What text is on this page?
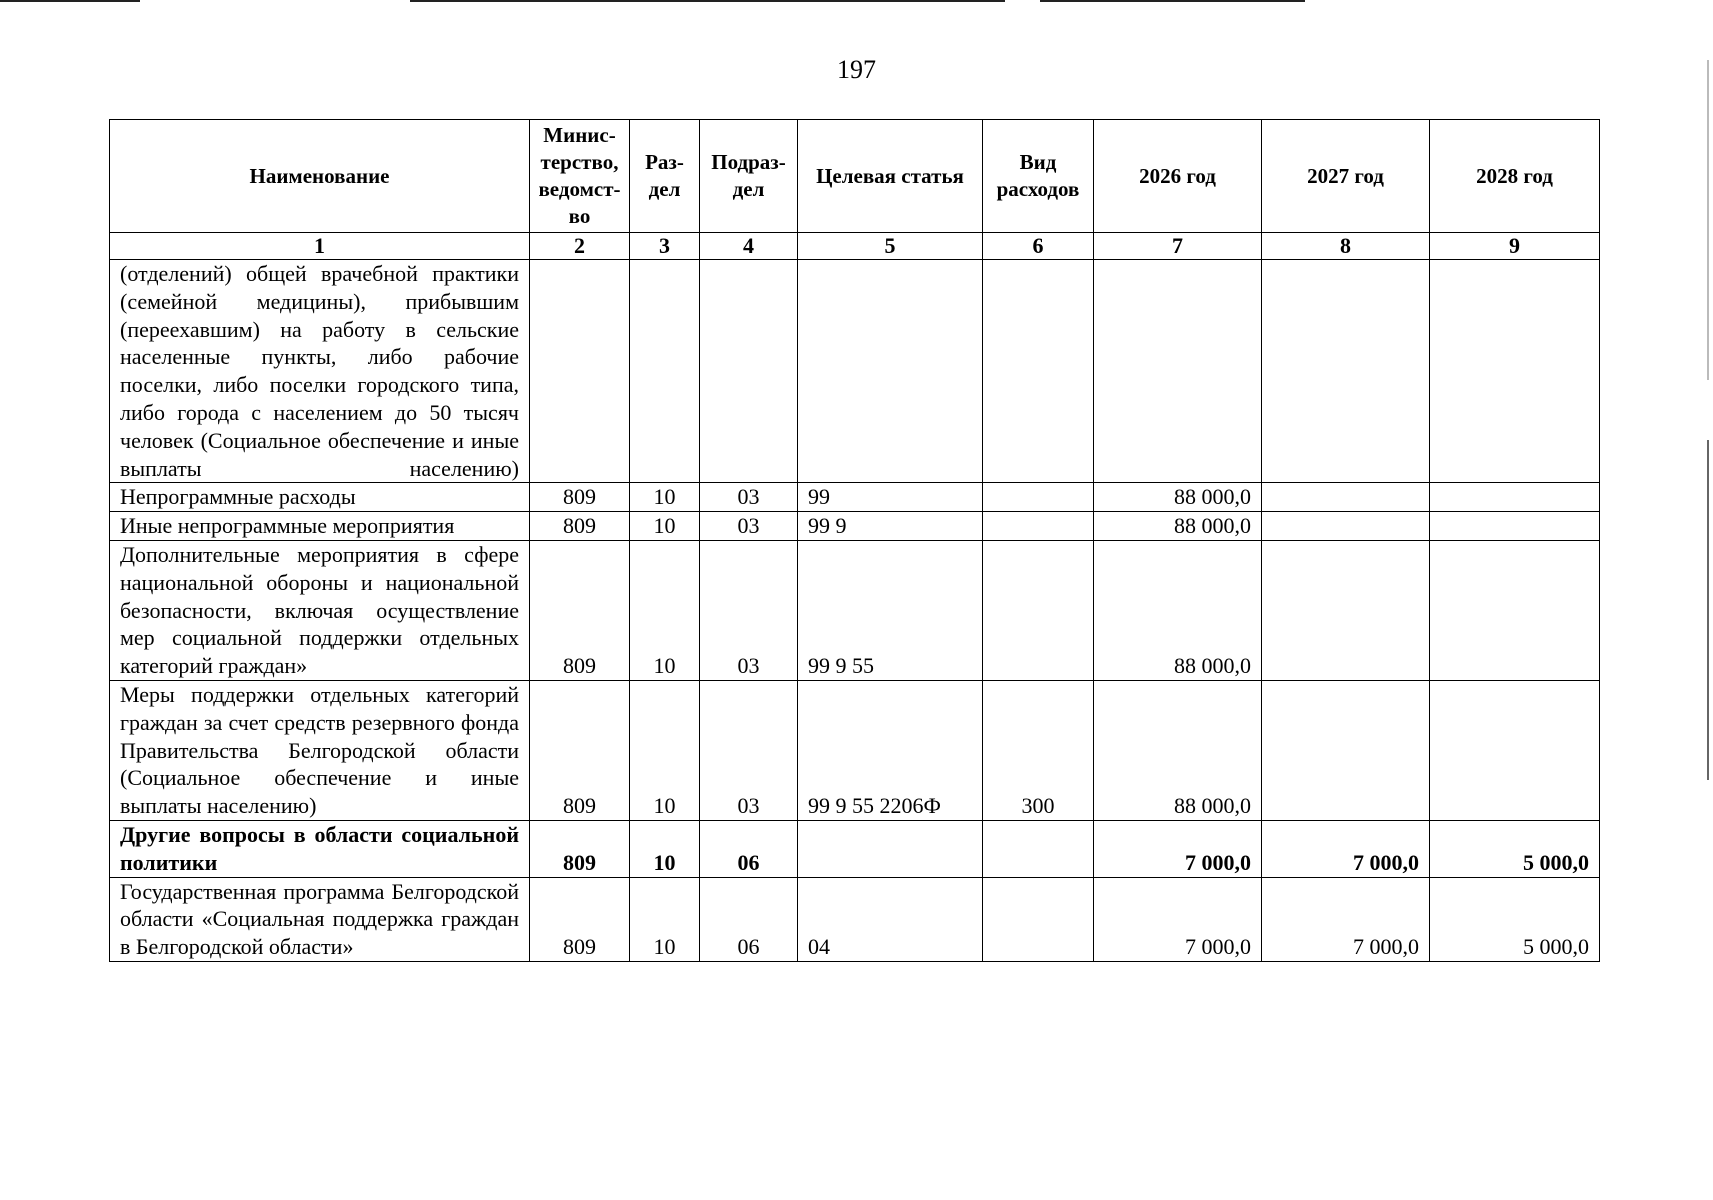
197
Наименование	Минис-терство, ведомст-во	Раз-дел	Подраз-дел	Целевая статья	Вид расходов	2026 год	2027 год	2028 год
1	2	3	4	5	6	7	8	9
(отделений) общей врачебной практики (семейной медицины), прибывшим (переехавшим) на работу в сельские населенные пункты, либо рабочие поселки, либо поселки городского типа, либо города с населением до 50 тысяч человек (Социальное обеспечение и иные выплаты населению)								
Непрограммные расходы	809	10	03	99		88 000,0		
Иные непрограммные мероприятия	809	10	03	99 9		88 000,0		
Дополнительные мероприятия в сфере национальной обороны и национальной безопасности, включая осуществление мер социальной поддержки отдельных категорий граждан»	809	10	03	99 9 55		88 000,0		
Меры поддержки отдельных категорий граждан за счет средств резервного фонда Правительства Белгородской области (Социальное обеспечение и иные выплаты населению)	809	10	03	99 9 55 2206Ф	300	88 000,0		
Другие вопросы в области социальной политики	809	10	06			7 000,0	7 000,0	5 000,0
Государственная программа Белгородской области «Социальная поддержка граждан в Белгородской области»	809	10	06	04		7 000,0	7 000,0	5 000,0
